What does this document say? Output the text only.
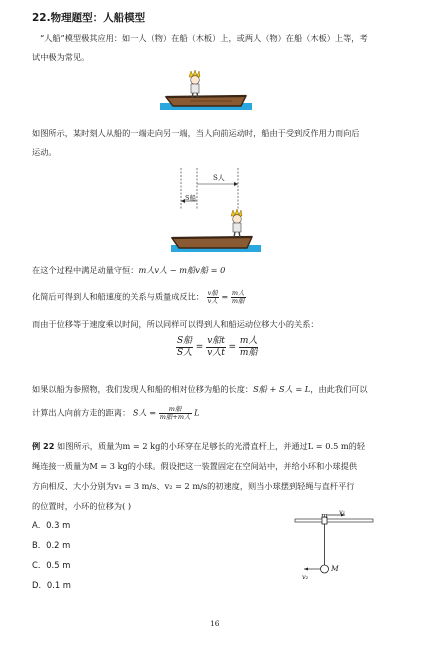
22.物理题型：人船模型
“人船”模型极其应用：如一人（物）在船（木板）上，或两人（物）在船（木板）上等，考
试中极为常见。
如图所示，某时刻人从船的一端走向另一端，当人向前运动时，船由于受到反作用力而向后
运动。
S人
S船
在这个过程中满足动量守恒：m人v人 − m船v船 = 0
化简后可得到人和船速度的关系与质量成反比： $\frac{\text{v船}}{\text{v人}} = \frac{\text{m人}}{\text{m船}}$
而由于位移等于速度乘以时间，所以同样可以得到人和船运动位移大小的关系：
$\frac{\text{S船}}{\text{S人}} = \frac{\text{v船t}}{\text{v人t}} = \frac{\text{m人}}{\text{m船}}$
如果以船为参照物，我们发现人和船的相对位移为船的长度：S船 + S人 = L，由此我们可以
计算出人向前方走的距离： S人 = $\frac{\text{m船}}{\text{m船+m人}}$ L
例 22 如图所示，质量为m = 2 kg的小环穿在足够长的光滑直杆上，并通过L = 0.5 m的轻
绳连接一质量为M = 3 kg的小球。假设把这一装置固定在空间站中，并给小环和小球提供
方向相反、大小分别为v₁ = 3 m/s、v₂ = 2 m/s的初速度，则当小球摆到轻绳与直杆平行
的位置时，小环的位移为( )
A．0.3 m
B．0.2 m
C．0.5 m
D．0.1 m
m v₁
v₂
M
16
